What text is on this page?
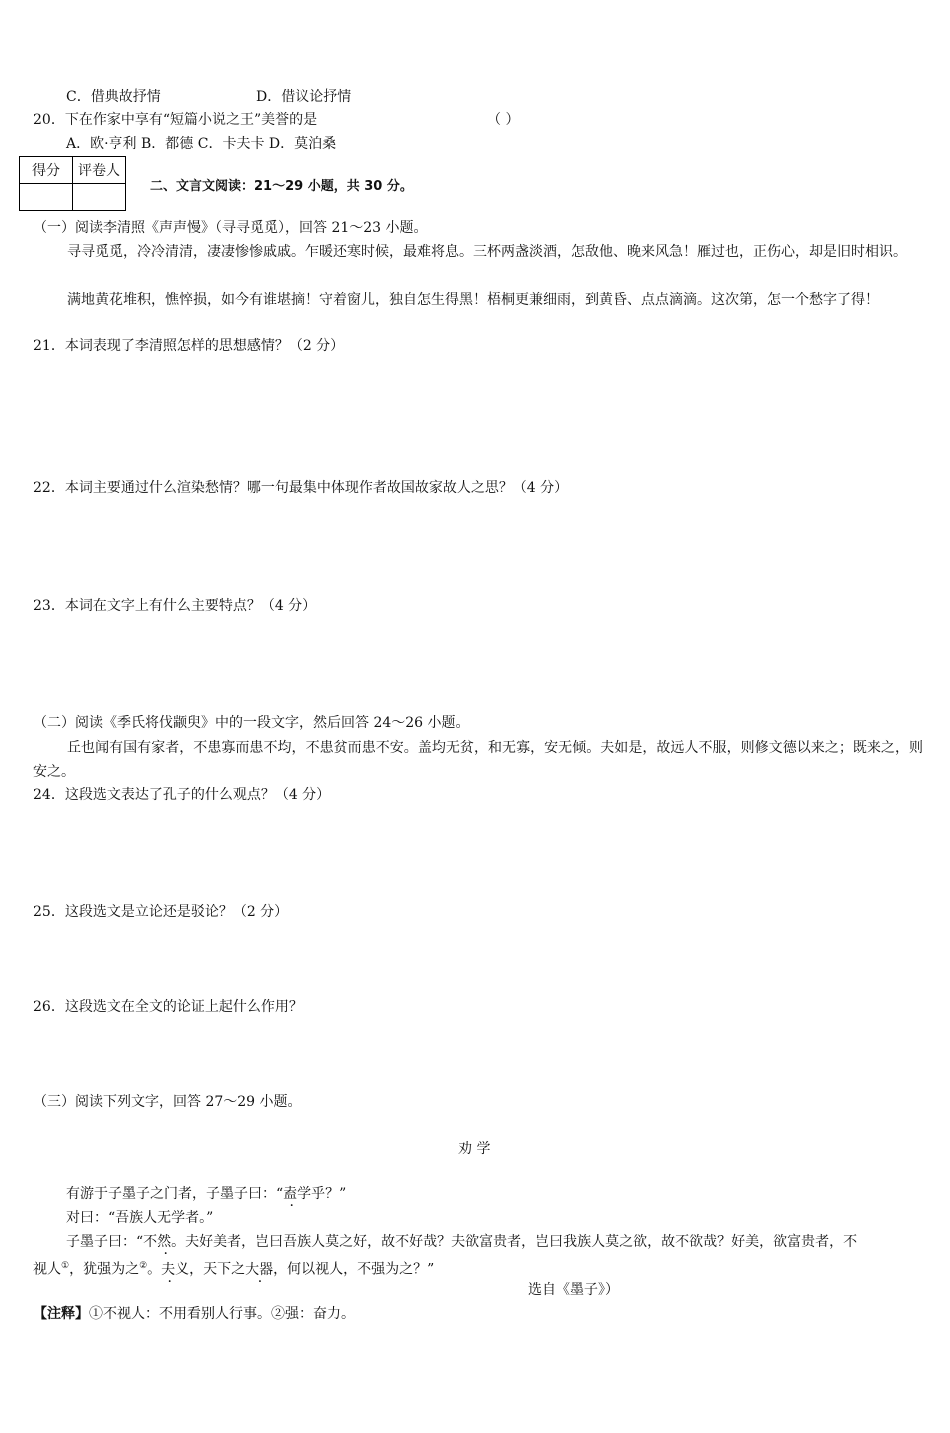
C．借典故抒情	D．借议论抒情
20．下在作家中享有“短篇小说之王”美誉的是	（ ）
A．欧·亨利 B．都德 C．卡夫卡 D．莫泊桑
得分	评卷人

二、文言文阅读：21～29 小题，共 30 分。
（一）阅读李清照《声声慢》（寻寻觅觅），回答 21～23 小题。
寻寻觅觅，冷冷清清，凄凄惨惨戚戚。乍暖还寒时候，最难将息。三杯两盏淡酒，怎敌他、晚来风急！雁过也，正伤心，却是旧时相识。
满地黄花堆积，憔悴损，如今有谁堪摘！守着窗儿，独自怎生得黑！梧桐更兼细雨，到黄昏、点点滴滴。这次第，怎一个愁字了得！
21．本词表现了李清照怎样的思想感情？（2 分）
22．本词主要通过什么渲染愁情？哪一句最集中体现作者故国故家故人之思？（4 分）
23．本词在文字上有什么主要特点？（4 分）
（二）阅读《季氏将伐颛臾》中的一段文字，然后回答 24～26 小题。
丘也闻有国有家者，不患寡而患不均，不患贫而患不安。盖均无贫，和无寡，安无倾。夫如是，故远人不服，则修文德以来之；既来之，则安之。
24．这段选文表达了孔子的什么观点？（4 分）
25．这段选文是立论还是驳论？（2 分）
26．这段选文在全文的论证上起什么作用？
（三）阅读下列文字，回答 27～29 小题。
劝 学
有游于子墨子之门者，子墨子曰：“盍学乎？”
对曰：“吾族人无学者。”
子墨子曰：“不然。夫好美者，岂曰吾族人莫之好，故不好哉？夫欲富贵者，岂曰我族人莫之欲，故不欲哉？好美，欲富贵者，不
视人①，犹强为之②。夫义，天下之大器，何以视人，不强为之？”
选自《墨子》）
【注释】①不视人：不用看别人行事。②强：奋力。
